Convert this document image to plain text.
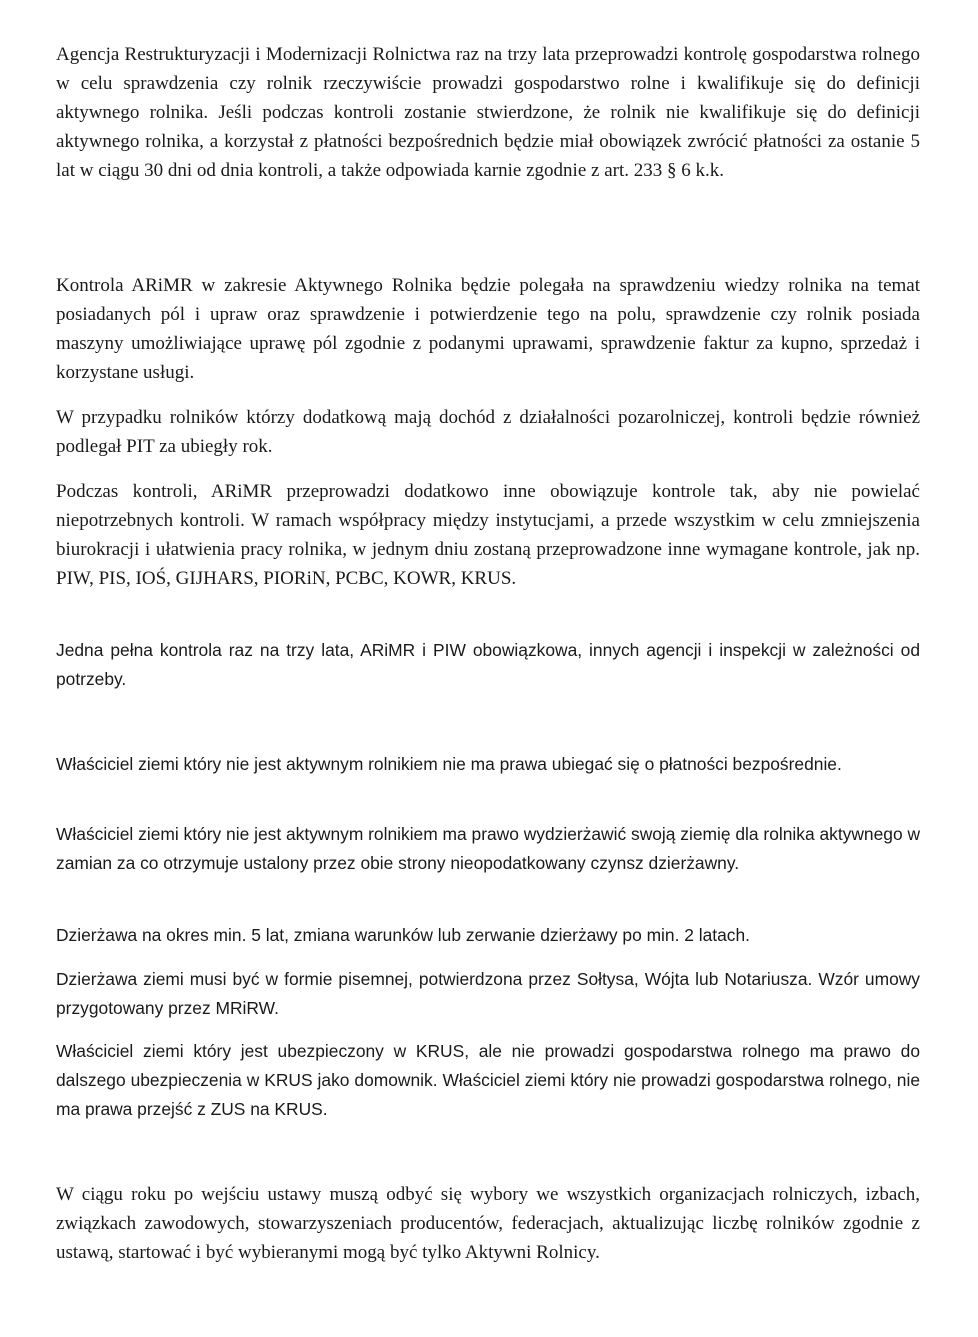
Agencja Restrukturyzacji i Modernizacji Rolnictwa raz na trzy lata przeprowadzi kontrolę gospodarstwa rolnego w celu sprawdzenia czy rolnik rzeczywiście prowadzi gospodarstwo rolne i kwalifikuje się do definicji aktywnego rolnika. Jeśli podczas kontroli zostanie stwierdzone, że rolnik nie kwalifikuje się do definicji aktywnego rolnika, a korzystał z płatności bezpośrednich będzie miał obowiązek zwrócić płatności za ostanie 5 lat w ciągu 30 dni od dnia kontroli, a także odpowiada karnie zgodnie z art. 233 § 6 k.k.

Kontrola ARiMR w zakresie Aktywnego Rolnika będzie polegała na sprawdzeniu wiedzy rolnika na temat posiadanych pól i upraw oraz sprawdzenie i potwierdzenie tego na polu, sprawdzenie czy rolnik posiada maszyny umożliwiające uprawę pól zgodnie z podanymi uprawami, sprawdzenie faktur za kupno, sprzedaż i korzystane usługi.

W przypadku rolników którzy dodatkową mają dochód z działalności pozarolniczej, kontroli będzie również podlegał PIT za ubiegły rok.

Podczas kontroli, ARiMR przeprowadzi dodatkowo inne obowiązuje kontrole tak, aby nie powielać niepotrzebnych kontroli. W ramach współpracy między instytucjami, a przede wszystkim w celu zmniejszenia biurokracji i ułatwienia pracy rolnika, w jednym dniu zostaną przeprowadzone inne wymagane kontrole, jak np. PIW, PIS, IOŚ, GIJHARS, PIORiN, PCBC, KOWR, KRUS.

Jedna pełna kontrola raz na trzy lata, ARiMR i PIW obowiązkowa, innych agencji i inspekcji w zależności od potrzeby.

Właściciel ziemi który nie jest aktywnym rolnikiem nie ma prawa ubiegać się o płatności bezpośrednie.

Właściciel ziemi który nie jest aktywnym rolnikiem ma prawo wydzierżawić swoją ziemię dla rolnika aktywnego w zamian za co otrzymuje ustalony przez obie strony nieopodatkowany czynsz dzierżawny.

Dzierżawa na okres min. 5 lat, zmiana warunków lub zerwanie dzierżawy po min. 2 latach.

Dzierżawa ziemi musi być w formie pisemnej, potwierdzona przez Sołtysa, Wójta lub Notariusza. Wzór umowy przygotowany przez MRiRW.

Właściciel ziemi który jest ubezpieczony w KRUS, ale nie prowadzi gospodarstwa rolnego ma prawo do dalszego ubezpieczenia w KRUS jako domownik. Właściciel ziemi który nie prowadzi gospodarstwa rolnego, nie ma prawa przejść z ZUS na KRUS.

W ciągu roku po wejściu ustawy muszą odbyć się wybory we wszystkich organizacjach rolniczych, izbach, związkach zawodowych, stowarzyszeniach producentów, federacjach, aktualizując liczbę rolników zgodnie z ustawą, startować i być wybieranymi mogą być tylko Aktywni Rolnicy.
